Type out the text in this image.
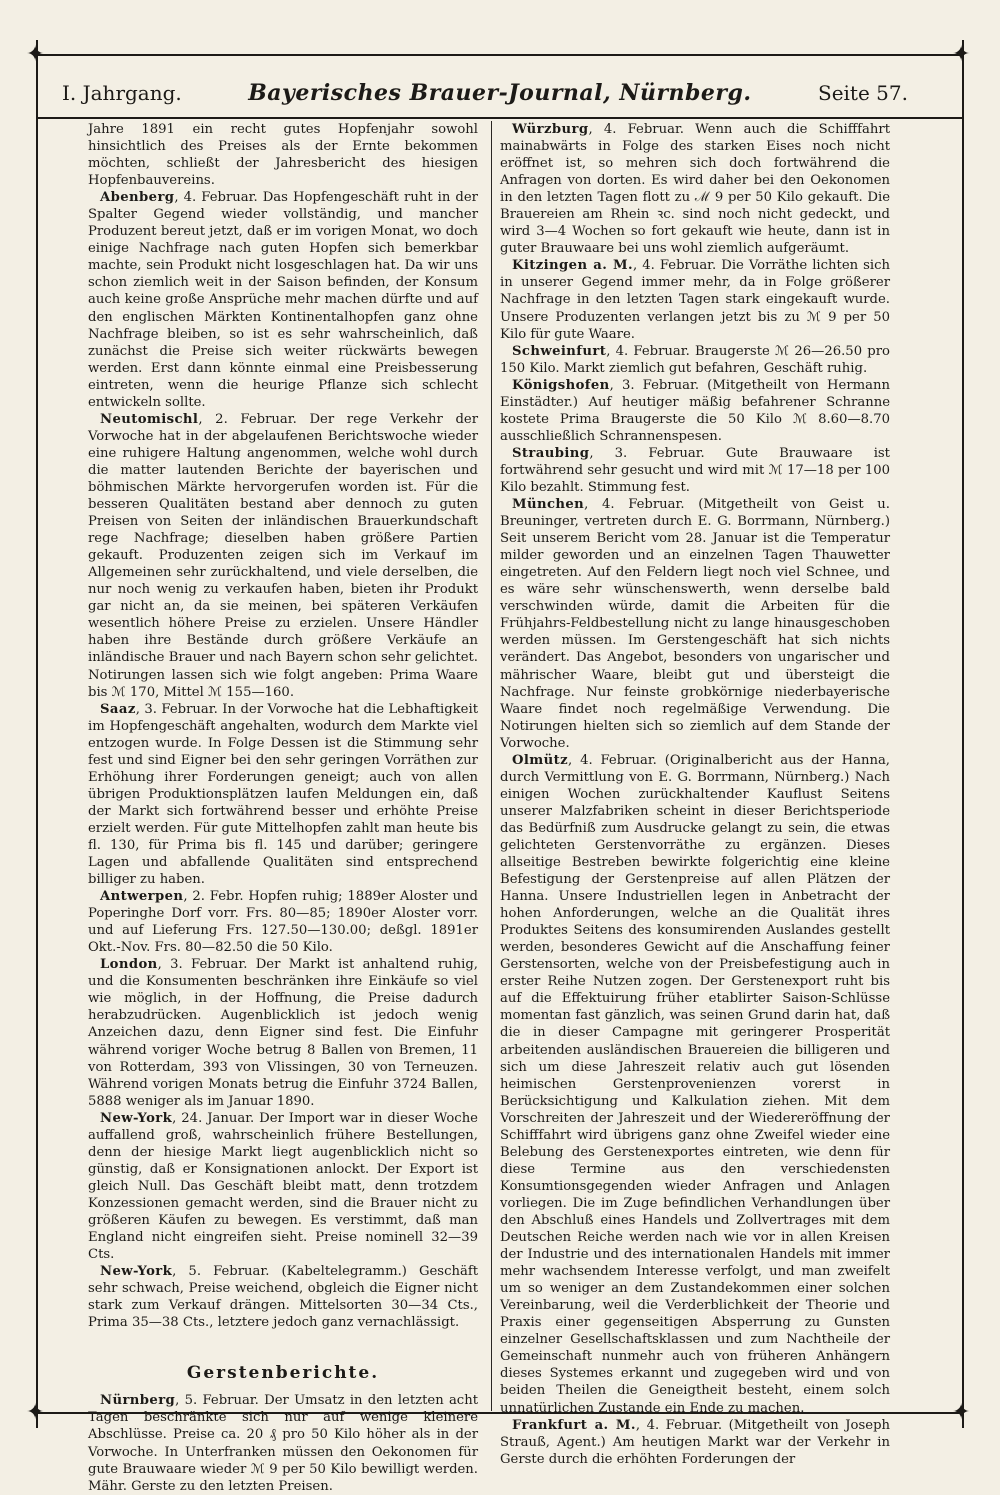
✦	✦
✦	✦
I. Jahrgang.	Bayerisches Brauer-Journal, Nürnberg.	Seite 57.

Jahre 1891 ein recht gutes Hopfenjahr sowohl hinsichtlich des Preises als der Ernte bekommen möchten, schließt der Jahresbericht des hiesigen Hopfenbauvereins.

Abenberg, 4. Februar. Das Hopfengeschäft ruht in der Spalter Gegend wieder vollständig, und mancher Produzent bereut jetzt, daß er im vorigen Monat, wo doch einige Nachfrage nach guten Hopfen sich bemerkbar machte, sein Produkt nicht losgeschlagen hat. Da wir uns schon ziemlich weit in der Saison befinden, der Konsum auch keine große Ansprüche mehr machen dürfte und auf den englischen Märkten Kontinentalhopfen ganz ohne Nachfrage bleiben, so ist es sehr wahrscheinlich, daß zunächst die Preise sich weiter rückwärts bewegen werden. Erst dann könnte einmal eine Preisbesserung eintreten, wenn die heurige Pflanze sich schlecht entwickeln sollte.

Neutomischl, 2. Februar. Der rege Verkehr der Vorwoche hat in der abgelaufenen Berichtswoche wieder eine ruhigere Haltung angenommen, welche wohl durch die matter lautenden Berichte der bayerischen und böhmischen Märkte hervorgerufen worden ist. Für die besseren Qualitäten bestand aber dennoch zu guten Preisen von Seiten der inländischen Brauerkundschaft rege Nachfrage; dieselben haben größere Partien gekauft. Produzenten zeigen sich im Verkauf im Allgemeinen sehr zurückhaltend, und viele derselben, die nur noch wenig zu verkaufen haben, bieten ihr Produkt gar nicht an, da sie meinen, bei späteren Verkäufen wesentlich höhere Preise zu erzielen. Unsere Händler haben ihre Bestände durch größere Verkäufe an inländische Brauer und nach Bayern schon sehr gelichtet. Notirungen lassen sich wie folgt angeben: Prima Waare bis ℳ 170, Mittel ℳ 155—160.

Saaz, 3. Februar. In der Vorwoche hat die Lebhaftigkeit im Hopfengeschäft angehalten, wodurch dem Markte viel entzogen wurde. In Folge Dessen ist die Stimmung sehr fest und sind Eigner bei den sehr geringen Vorräthen zur Erhöhung ihrer Forderungen geneigt; auch von allen übrigen Produktionsplätzen laufen Meldungen ein, daß der Markt sich fortwährend besser und erhöhte Preise erzielt werden. Für gute Mittelhopfen zahlt man heute bis fl. 130, für Prima bis fl. 145 und darüber; geringere Lagen und abfallende Qualitäten sind entsprechend billiger zu haben.

Antwerpen, 2. Febr. Hopfen ruhig; 1889er Aloster und Poperinghe Dorf vorr. Frs. 80—85; 1890er Aloster vorr. und auf Lieferung Frs. 127.50—130.00; deßgl. 1891er Okt.-Nov. Frs. 80—82.50 die 50 Kilo.

London, 3. Februar. Der Markt ist anhaltend ruhig, und die Konsumenten beschränken ihre Einkäufe so viel wie möglich, in der Hoffnung, die Preise dadurch herabzudrücken. Augenblicklich ist jedoch wenig Anzeichen dazu, denn Eigner sind fest. Die Einfuhr während voriger Woche betrug 8 Ballen von Bremen, 11 von Rotterdam, 393 von Vlissingen, 30 von Terneuzen. Während vorigen Monats betrug die Einfuhr 3724 Ballen, 5888 weniger als im Januar 1890.

New-York, 24. Januar. Der Import war in dieser Woche auffallend groß, wahrscheinlich frühere Bestellungen, denn der hiesige Markt liegt augenblicklich nicht so günstig, daß er Konsignationen anlockt. Der Export ist gleich Null. Das Geschäft bleibt matt, denn trotzdem Konzessionen gemacht werden, sind die Brauer nicht zu größeren Käufen zu bewegen. Es verstimmt, daß man England nicht eingreifen sieht. Preise nominell 32—39 Cts.

New-York, 5. Februar. (Kabeltelegramm.) Geschäft sehr schwach, Preise weichend, obgleich die Eigner nicht stark zum Verkauf drängen. Mittelsorten 30—34 Cts., Prima 35—38 Cts., letztere jedoch ganz vernachlässigt.

Gerstenberichte.

Nürnberg, 5. Februar. Der Umsatz in den letzten acht Tagen beschränkte sich nur auf wenige kleinere Abschlüsse. Preise ca. 20 ₰ pro 50 Kilo höher als in der Vorwoche. In Unterfranken müssen den Oekonomen für gute Brauwaare wieder ℳ 9 per 50 Kilo bewilligt werden. Mähr. Gerste zu den letzten Preisen.

Würzburg, 4. Februar. Wenn auch die Schifffahrt mainabwärts in Folge des starken Eises noch nicht eröffnet ist, so mehren sich doch fortwährend die Anfragen von dorten. Es wird daher bei den Oekonomen in den letzten Tagen flott zu ℳ 9 per 50 Kilo gekauft. Die Brauereien am Rhein ꝛc. sind noch nicht gedeckt, und wird 3—4 Wochen so fort gekauft wie heute, dann ist in guter Brauwaare bei uns wohl ziemlich aufgeräumt.

Kitzingen a. M., 4. Februar. Die Vorräthe lichten sich in unserer Gegend immer mehr, da in Folge größerer Nachfrage in den letzten Tagen stark eingekauft wurde. Unsere Produzenten verlangen jetzt bis zu ℳ 9 per 50 Kilo für gute Waare.

Schweinfurt, 4. Februar. Braugerste ℳ 26—26.50 pro 150 Kilo. Markt ziemlich gut befahren, Geschäft ruhig.

Königshofen, 3. Februar. (Mitgetheilt von Hermann Einstädter.) Auf heutiger mäßig befahrener Schranne kostete Prima Braugerste die 50 Kilo ℳ 8.60—8.70 ausschließlich Schrannenspesen.

Straubing, 3. Februar. Gute Brauwaare ist fortwährend sehr gesucht und wird mit ℳ 17—18 per 100 Kilo bezahlt. Stimmung fest.

München, 4. Februar. (Mitgetheilt von Geist u. Breuninger, vertreten durch E. G. Borrmann, Nürnberg.) Seit unserem Bericht vom 28. Januar ist die Temperatur milder geworden und an einzelnen Tagen Thauwetter eingetreten. Auf den Feldern liegt noch viel Schnee, und es wäre sehr wünschenswerth, wenn derselbe bald verschwinden würde, damit die Arbeiten für die Frühjahrs-Feldbestellung nicht zu lange hinausgeschoben werden müssen. Im Gerstengeschäft hat sich nichts verändert. Das Angebot, besonders von ungarischer und mährischer Waare, bleibt gut und übersteigt die Nachfrage. Nur feinste grobkörnige niederbayerische Waare findet noch regelmäßige Verwendung. Die Notirungen hielten sich so ziemlich auf dem Stande der Vorwoche.

Olmütz, 4. Februar. (Originalbericht aus der Hanna, durch Vermittlung von E. G. Borrmann, Nürnberg.) Nach einigen Wochen zurückhaltender Kauflust Seitens unserer Malzfabriken scheint in dieser Berichtsperiode das Bedürfniß zum Ausdrucke gelangt zu sein, die etwas gelichteten Gerstenvorräthe zu ergänzen. Dieses allseitige Bestreben bewirkte folgerichtig eine kleine Befestigung der Gerstenpreise auf allen Plätzen der Hanna. Unsere Industriellen legen in Anbetracht der hohen Anforderungen, welche an die Qualität ihres Produktes Seitens des konsumirenden Auslandes gestellt werden, besonderes Gewicht auf die Anschaffung feiner Gerstensorten, welche von der Preisbefestigung auch in erster Reihe Nutzen zogen. Der Gerstenexport ruht bis auf die Effektuirung früher etablirter Saison-Schlüsse momentan fast gänzlich, was seinen Grund darin hat, daß die in dieser Campagne mit geringerer Prosperität arbeitenden ausländischen Brauereien die billigeren und sich um diese Jahreszeit relativ auch gut lösenden heimischen Gerstenprovenienzen vorerst in Berücksichtigung und Kalkulation ziehen. Mit dem Vorschreiten der Jahreszeit und der Wiedereröffnung der Schifffahrt wird übrigens ganz ohne Zweifel wieder eine Belebung des Gerstenexportes eintreten, wie denn für diese Termine aus den verschiedensten Konsumtionsgegenden wieder Anfragen und Anlagen vorliegen. Die im Zuge befindlichen Verhandlungen über den Abschluß eines Handels und Zollvertrages mit dem Deutschen Reiche werden nach wie vor in allen Kreisen der Industrie und des internationalen Handels mit immer mehr wachsendem Interesse verfolgt, und man zweifelt um so weniger an dem Zustandekommen einer solchen Vereinbarung, weil die Verderblichkeit der Theorie und Praxis einer gegenseitigen Absperrung zu Gunsten einzelner Gesellschaftsklassen und zum Nachtheile der Gemeinschaft nunmehr auch von früheren Anhängern dieses Systemes erkannt und zugegeben wird und von beiden Theilen die Geneigtheit besteht, einem solch unnatürlichen Zustande ein Ende zu machen.

Frankfurt a. M., 4. Februar. (Mitgetheilt von Joseph Strauß, Agent.) Am heutigen Markt war der Verkehr in Gerste durch die erhöhten Forderungen der
